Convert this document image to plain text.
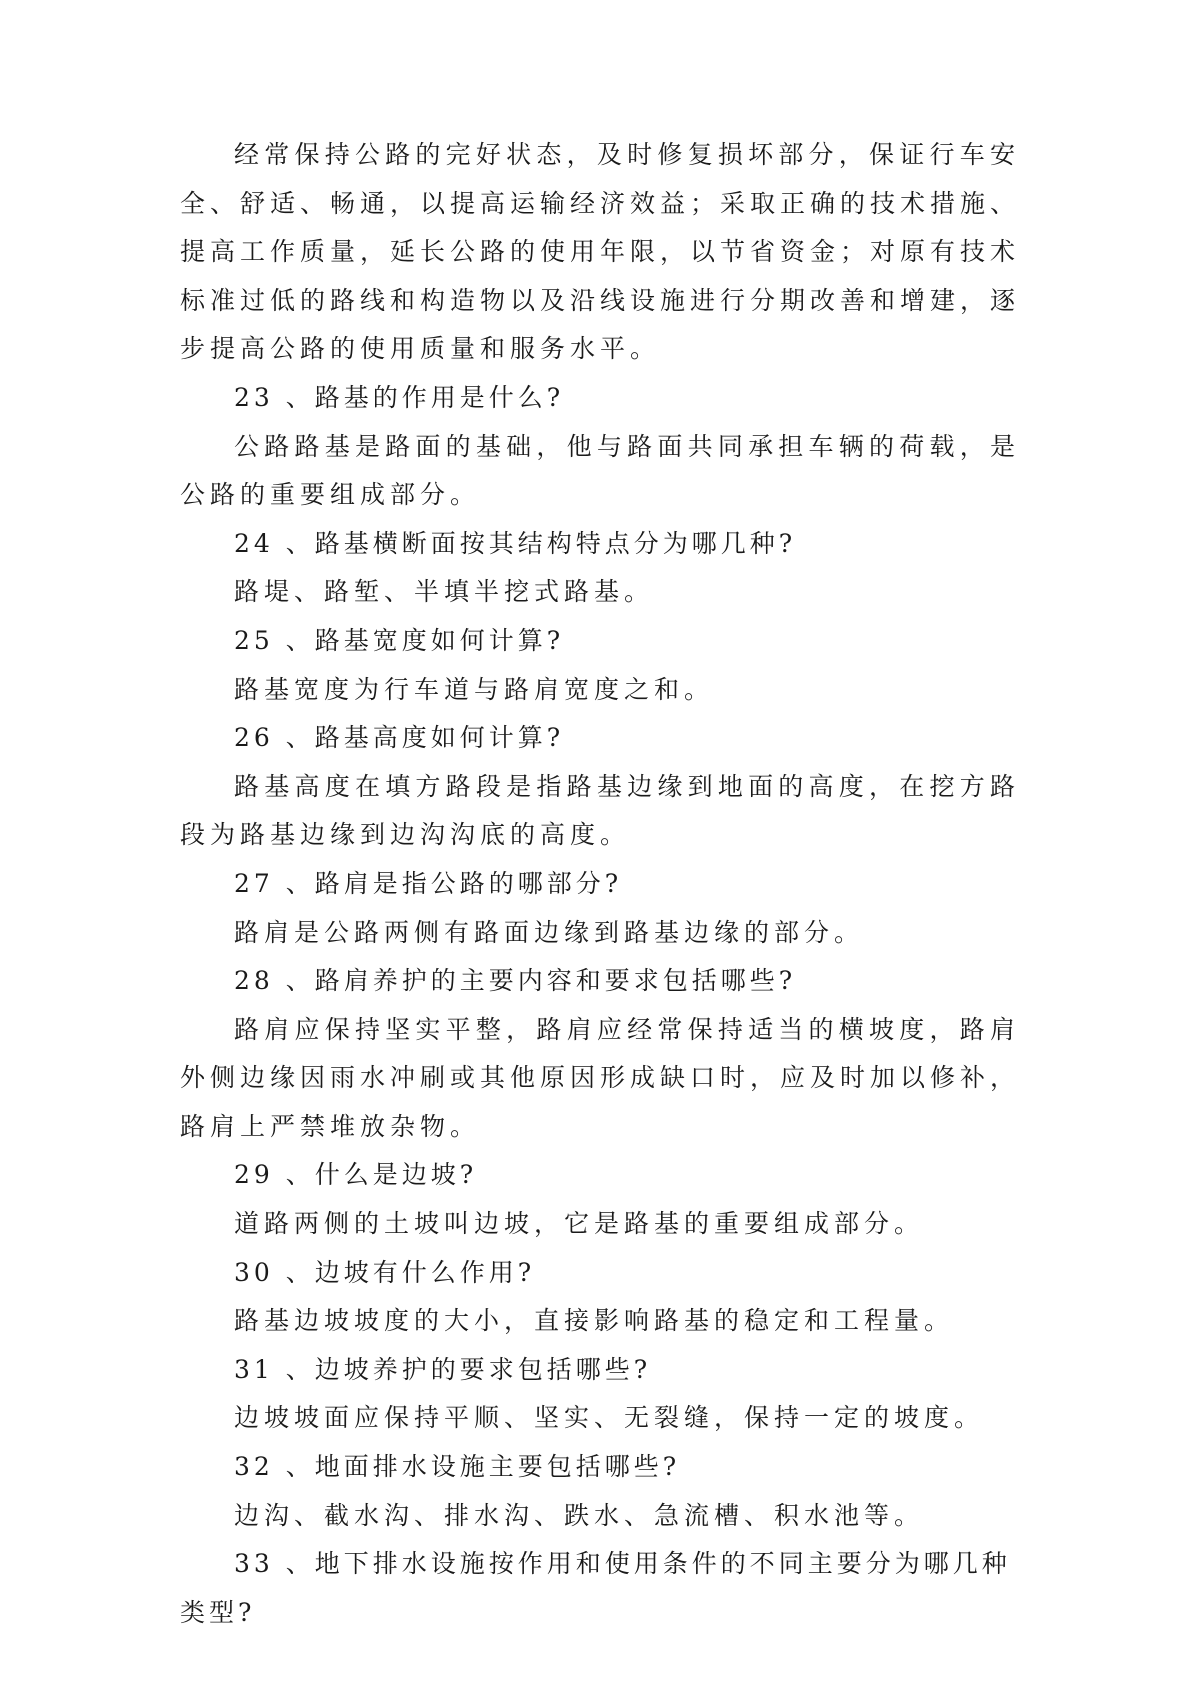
经常保持公路的完好状态，及时修复损坏部分，保证行车安全、舒适、畅通，以提高运输经济效益；采取正确的技术措施、提高工作质量，延长公路的使用年限，以节省资金；对原有技术标准过低的路线和构造物以及沿线设施进行分期改善和增建，逐步提高公路的使用质量和服务水平。

23 、路基的作用是什么?

公路路基是路面的基础，他与路面共同承担车辆的荷载，是公路的重要组成部分。

24 、路基横断面按其结构特点分为哪几种?

路堤、路堑、半填半挖式路基。

25 、路基宽度如何计算?

路基宽度为行车道与路肩宽度之和。

26 、路基高度如何计算?

路基高度在填方路段是指路基边缘到地面的高度，在挖方路段为路基边缘到边沟沟底的高度。

27 、路肩是指公路的哪部分?

路肩是公路两侧有路面边缘到路基边缘的部分。

28 、路肩养护的主要内容和要求包括哪些?

路肩应保持坚实平整，路肩应经常保持适当的横坡度，路肩外侧边缘因雨水冲刷或其他原因形成缺口时，应及时加以修补，路肩上严禁堆放杂物。

29 、什么是边坡?

道路两侧的土坡叫边坡，它是路基的重要组成部分。

30 、边坡有什么作用?

路基边坡坡度的大小，直接影响路基的稳定和工程量。

31 、边坡养护的要求包括哪些?

边坡坡面应保持平顺、坚实、无裂缝，保持一定的坡度。

32 、地面排水设施主要包括哪些?

边沟、截水沟、排水沟、跌水、急流槽、积水池等。

33 、地下排水设施按作用和使用条件的不同主要分为哪几种类型?
